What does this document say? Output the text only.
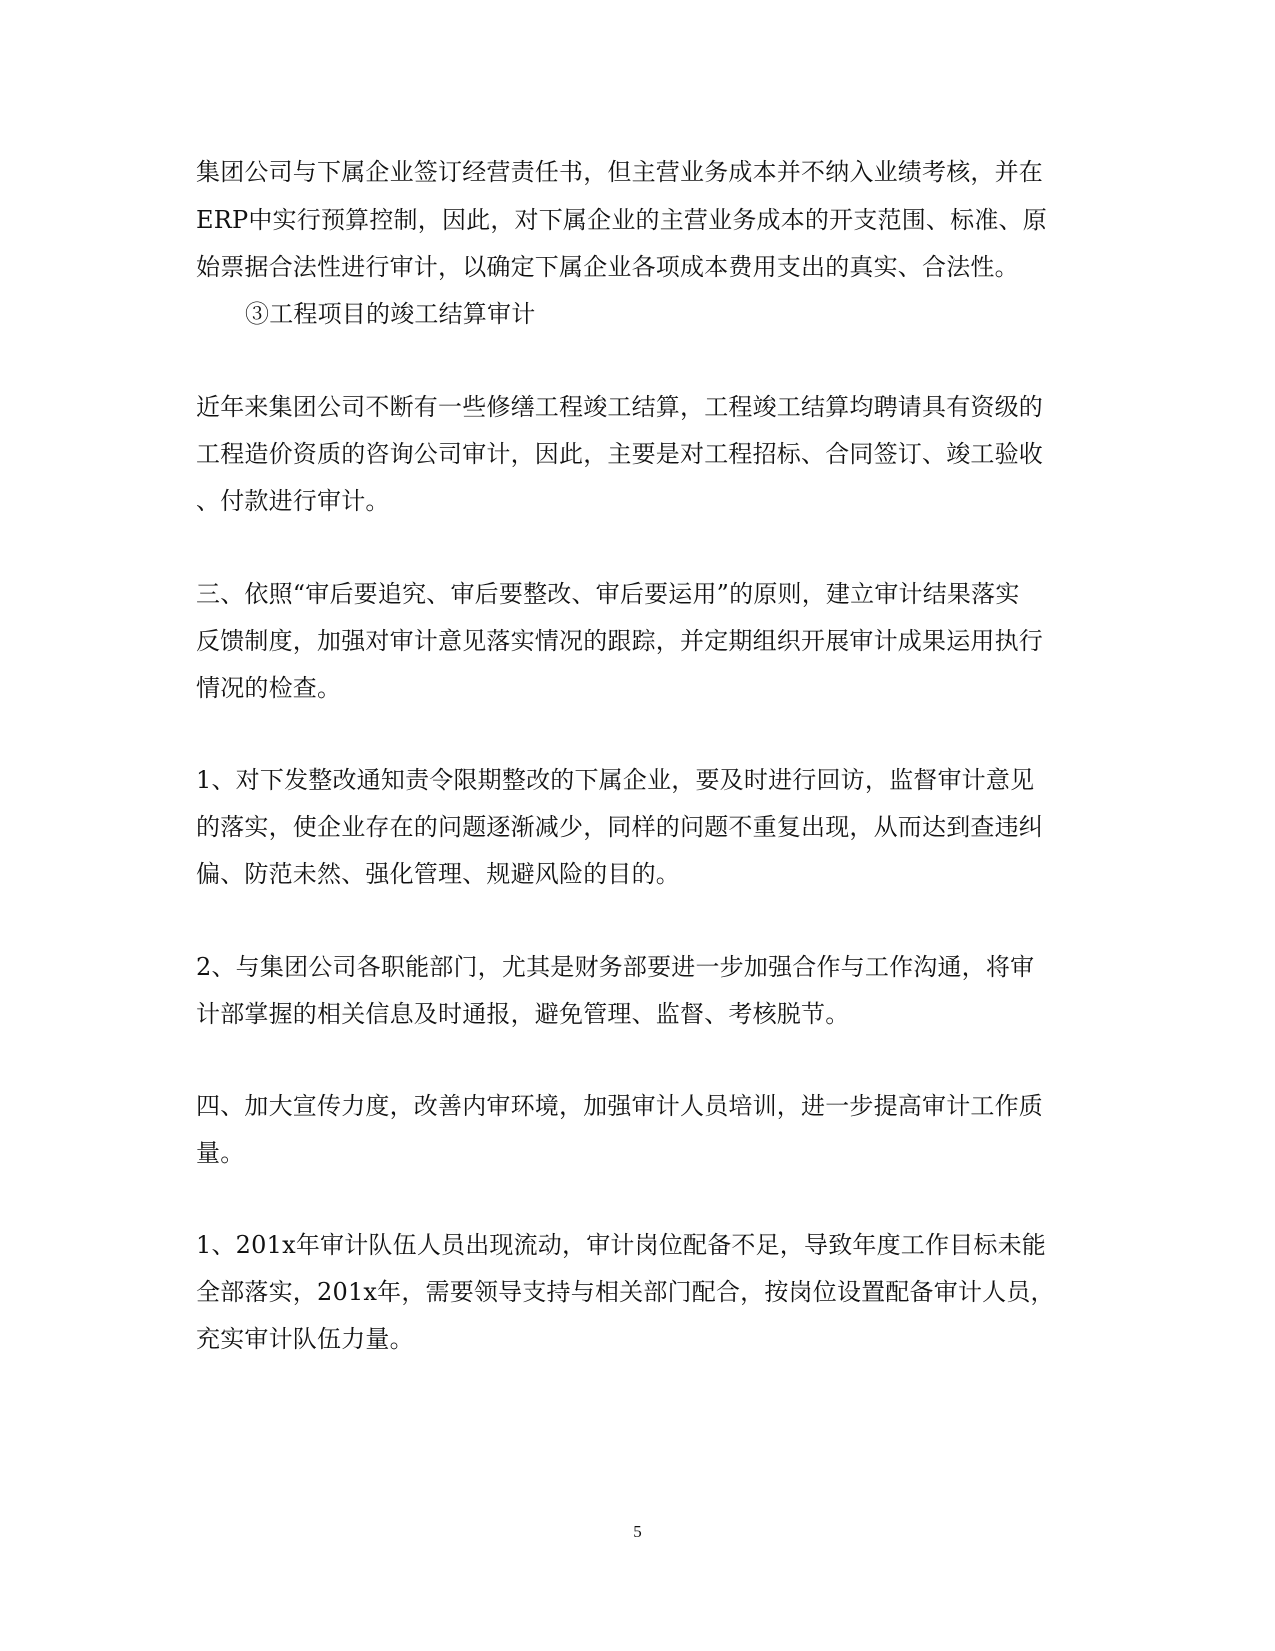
集团公司与下属企业签订经营责任书，但主营业务成本并不纳入业绩考核，并在
ERP中实行预算控制，因此，对下属企业的主营业务成本的开支范围、标准、原
始票据合法性进行审计，以确定下属企业各项成本费用支出的真实、合法性。
③工程项目的竣工结算审计
近年来集团公司不断有一些修缮工程竣工结算，工程竣工结算均聘请具有资级的
工程造价资质的咨询公司审计，因此，主要是对工程招标、合同签订、竣工验收
、付款进行审计。
三、依照“审后要追究、审后要整改、审后要运用”的原则，建立审计结果落实
反馈制度，加强对审计意见落实情况的跟踪，并定期组织开展审计成果运用执行
情况的检查。
1、对下发整改通知责令限期整改的下属企业，要及时进行回访，监督审计意见
的落实，使企业存在的问题逐渐减少，同样的问题不重复出现，从而达到查违纠
偏、防范未然、强化管理、规避风险的目的。
2、与集团公司各职能部门，尤其是财务部要进一步加强合作与工作沟通，将审
计部掌握的相关信息及时通报，避免管理、监督、考核脱节。
四、加大宣传力度，改善内审环境，加强审计人员培训，进一步提高审计工作质
量。
1、201x年审计队伍人员出现流动，审计岗位配备不足，导致年度工作目标未能
全部落实，201x年，需要领导支持与相关部门配合，按岗位设置配备审计人员，
充实审计队伍力量。
5
